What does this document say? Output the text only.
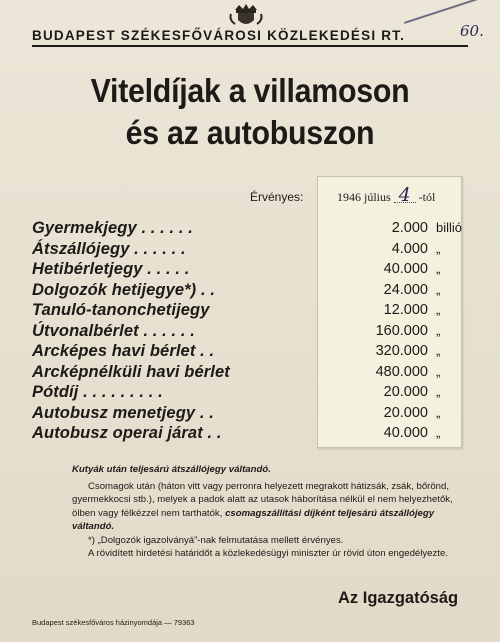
BUDAPEST SZÉKESFŐVÁROSI KÖZLEKEDÉSI RT.	60.
Viteldíjak a villamoson
és az autobuszon
Érvényes:	1946 július 4 -tól
Gyermekjegy . . . . . .	2.000 billió
Átszállójegy . . . . . .	4.000 „
Hetibérletjegy . . . . .	40.000 „
Dolgozók hetijegye*) . .	24.000 „
Tanuló-tanonchetijegy	12.000 „
Útvonalbérlet . . . . . .	160.000 „
Arcképes havi bérlet . .	320.000 „
Arcképnélküli havi bérlet	480.000 „
Pótdíj . . . . . . . . .	20.000 „
Autobusz menetjegy . .	20.000 „
Autobusz operai járat . .	40.000 „

Kutyák után teljesárú átszállójegy váltandó.

Csomagok után (háton vitt vagy perronra helyezett megrakott hátizsák, zsák, bőrönd, gyermekkocsi stb.), melyek a padok alatt az utasok háborítása nélkül el nem helyezhetők, ölben vagy félkézzel nem tarthatók, csomagszállítási díjként teljesárú átszállójegy váltandó.

*) „Dolgozók igazolványá”-nak felmutatása mellett érvényes.

A rövidített hirdetési határidőt a közlekedésügyi miniszter úr rövid úton engedélyezte.

Az Igazgatóság
Budapest székesfőváros házinyomdája — 79363
